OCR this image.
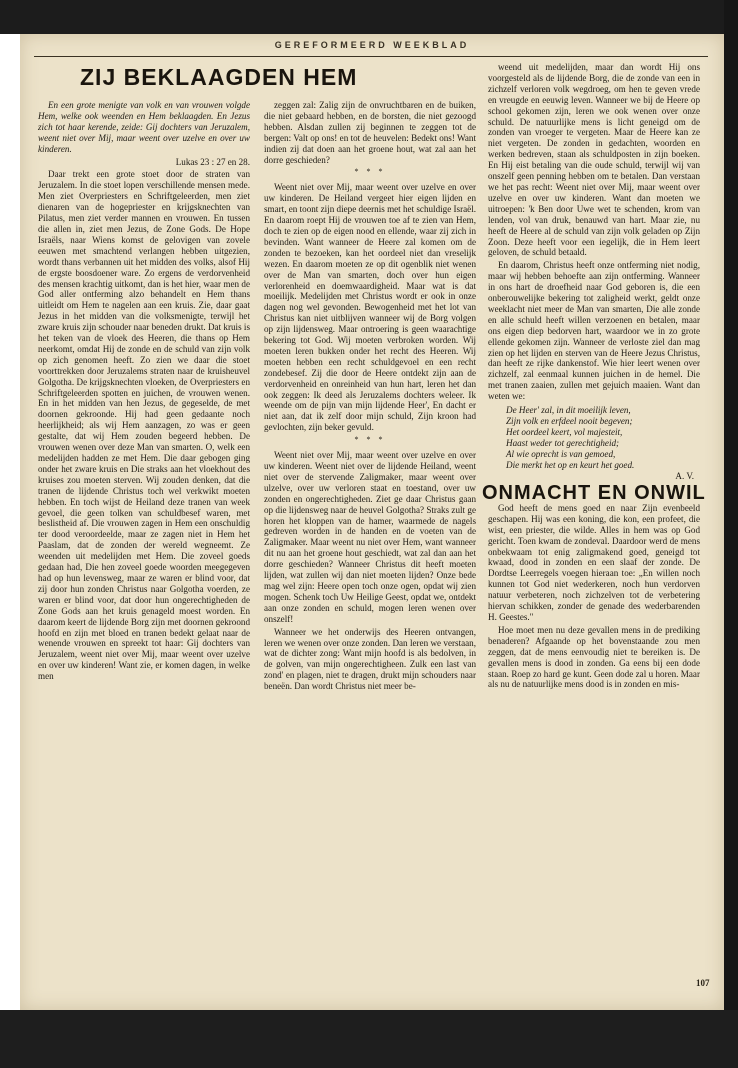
GEREFORMEERD WEEKBLAD
ZIJ BEKLAAGDEN HEM

En een grote menigte van volk en van vrouwen volgde Hem, welke ook weenden en Hem beklaagden. En Jezus zich tot haar kerende, zeide: Gij dochters van Jeruzalem, weent niet over Mij, maar weent over uzelve en over uw kinderen.

Lukas 23 : 27 en 28.

Daar trekt een grote stoet door de straten van Jeruzalem. In die stoet lopen verschillende mensen mede. Men ziet Overpriesters en Schriftgeleerden, men ziet dienaren van de hogepriester en krijgsknechten van Pilatus, men ziet verder mannen en vrouwen. En tussen die allen in, ziet men Jezus, de Zone Gods. De Hope Israëls, naar Wiens komst de gelovigen van zovele eeuwen met smachtend verlangen hebben uitgezien, wordt thans verbannen uit het midden des volks, alsof Hij de ergste boosdoener ware. Zo ergens de verdorvenheid des mensen krachtig uitkomt, dan is het hier, waar men de God aller ontferming alzo behandelt en Hem thans uitleidt om Hem te nagelen aan een kruis. Zie, daar gaat Jezus in het midden van die volksmenigte, terwijl het zware kruis zijn schouder naar beneden drukt. Dat kruis is het teken van de vloek des Heeren, die thans op Hem neerkomt, omdat Hij de zonde en de schuld van zijn volk op zich genomen heeft. Zo zien we daar die stoet voorttrekken door Jeruzalems straten naar de kruisheuvel Golgotha. De krijgsknechten vloeken, de Overpriesters en Schriftgeleerden spotten en juichen, de vrouwen wenen. En in het midden van hen Jezus, de gegeselde, de met doornen gekroonde. Hij had geen gedaante noch heerlijkheid; als wij Hem aanzagen, zo was er geen gestalte, dat wij Hem zouden begeerd hebben. De vrouwen wenen over deze Man van smarten. O, welk een medelijden hadden ze met Hem. Die daar gebogen ging onder het zware kruis en Die straks aan het vloekhout des kruises zou moeten sterven. Wij zouden denken, dat die tranen de lijdende Christus toch wel verkwikt moeten hebben. En toch wijst de Heiland deze tranen van week gevoel, die geen tolken van schuldbesef waren, met beslistheid af. Die vrouwen zagen in Hem een onschuldig ter dood veroordeelde, maar ze zagen niet in Hem het Paaslam, dat de zonden der wereld wegneemt. Ze weenden uit medelijden met Hem. Die zoveel goeds gedaan had, Die hen zoveel goede woorden meegegeven had op hun levensweg, maar ze waren er blind voor, dat zij door hun zonden Christus naar Golgotha voerden, ze waren er blind voor, dat door hun ongerechtigheden de Zone Gods aan het kruis genageld moest worden. En daarom keert de lijdende Borg zijn met doornen gekroond hoofd en zijn met bloed en tranen bedekt gelaat naar de wenende vrouwen en spreekt tot haar: Gij dochters van Jeruzalem, weent niet over Mij, maar weent over uzelve en over uw kinderen! Want zie, er komen dagen, in welke men

zeggen zal: Zalig zijn de onvruchtbaren en de buiken, die niet gebaard hebben, en de borsten, die niet gezoogd hebben. Alsdan zullen zij beginnen te zeggen tot de bergen: Valt op ons! en tot de heuvelen: Bedekt ons! Want indien zij dat doen aan het groene hout, wat zal aan het dorre geschieden?

* * *

Weent niet over Mij, maar weent over uzelve en over uw kinderen. De Heiland vergeet hier eigen lijden en smart, en toont zijn diepe deernis met het schuldige Israël. En daarom roept Hij de vrouwen toe af te zien van Hem, doch te zien op de eigen nood en ellende, waar zij zich in bevinden. Want wanneer de Heere zal komen om de zonden te bezoeken, kan het oordeel niet dan vreselijk wezen. En daarom moeten ze op dit ogenblik niet wenen over de Man van smarten, doch over hun eigen verlorenheid en doemwaardigheid. Maar wat is dat moeilijk. Medelijden met Christus wordt er ook in onze dagen nog wel gevonden. Bewogenheid met het lot van Christus kan niet uitblijven wanneer wij de Borg volgen op zijn lijdensweg. Maar ontroering is geen waarachtige bekering tot God. Wij moeten verbroken worden. Wij moeten leren bukken onder het recht des Heeren. Wij moeten hebben een recht schuldgevoel en een recht zondebesef. Zij die door de Heere ontdekt zijn aan de verdorvenheid en onreinheid van hun hart, leren het dan ook zeggen: Ik deed als Jeruzalems dochters weleer. Ik weende om de pijn van mijn lijdende Heer', En dacht er niet aan, dat ik zelf door mijn schuld, Zijn kroon had gevlochten, zijn beker gevuld.

* * *

Weent niet over Mij, maar weent over uzelve en over uw kinderen. Weent niet over de lijdende Heiland, weent niet over de stervende Zaligmaker, maar weent over ulzelve, over uw verloren staat en toestand, over uw zonden en ongerechtigheden. Ziet ge daar Christus gaan op die lijdensweg naar de heuvel Golgotha? Straks zult ge horen het kloppen van de hamer, waarmede de nagels gedreven worden in de handen en de voeten van de Zaligmaker. Maar weent nu niet over Hem, want wanneer dit nu aan het groene hout geschiedt, wat zal dan aan het dorre geschieden? Wanneer Christus dit heeft moeten lijden, wat zullen wij dan niet moeten lijden? Onze bede mag wel zijn: Heere open toch onze ogen, opdat wij zien mogen. Schenk toch Uw Heilige Geest, opdat we, ontdekt aan onze zonden en schuld, mogen leren wenen over onszelf!

Wanneer we het onderwijs des Heeren ontvangen, leren we wenen over onze zonden. Dan leren we verstaan, wat de dichter zong: Want mijn hoofd is als bedolven, in de golven, van mijn ongerechtigheen. Zulk een last van zond' en plagen, niet te dragen, drukt mijn schouders naar beneën. Dan wordt Christus niet meer be-

weend uit medelijden, maar dan wordt Hij ons voorgesteld als de lijdende Borg, die de zonde van een in zichzelf verloren volk wegdroeg, om hen te geven vrede en vreugde en eeuwig leven. Wanneer we bij de Heere op school gekomen zijn, leren we ook wenen over onze schuld. De natuurlijke mens is licht geneigd om de zonden van vroeger te vergeten. Maar de Heere kan ze niet vergeten. De zonden in gedachten, woorden en werken bedreven, staan als schuldposten in zijn boeken. En Hij eist betaling van die oude schuld, terwijl wij van onszelf geen penning hebben om te betalen. Dan verstaan we het pas recht: Weent niet over Mij, maar weent over uzelve en over uw kinderen. Want dan moeten we uitroepen: 'k Ben door Uwe wet te schenden, krom van lenden, vol van druk, benauwd van hart. Maar zie, nu heeft de Heere al de schuld van zijn volk geladen op Zijn Zoon. Deze heeft voor een iegelijk, die in Hem leert geloven, de schuld betaald.

En daarom, Christus heeft onze ontferming niet nodig, maar wij hebben behoefte aan zijn ontferming. Wanneer in ons hart de droefheid naar God geboren is, die een onberouwelijke bekering tot zaligheid werkt, geldt onze weeklacht niet meer de Man van smarten, Die alle zonde en alle schuld heeft willen verzoenen en betalen, maar ons eigen diep bedorven hart, waardoor we in zo grote ellende gekomen zijn. Wanneer de verloste ziel dan mag zien op het lijden en sterven van de Heere Jezus Christus, dan heeft ze rijke dankenstof. Wie hier leert wenen over zichzelf, zal eenmaal kunnen juichen in de hemel. Die met tranen zaaien, zullen met gejuich maaien. Want dan weten we:

De Heer' zal, in dit moeilijk leven,
Zijn volk en erfdeel nooit begeven;
Het oordeel keert, vol majesteit,
Haast weder tot gerechtigheid;
Al wie oprecht is van gemoed,
Die merkt het op en keurt het goed.
A. V.
ONMACHT EN ONWIL

God heeft de mens goed en naar Zijn evenbeeld geschapen. Hij was een koning, die kon, een profeet, die wist, een priester, die wilde. Alles in hem was op God gericht. Toen kwam de zondeval. Daardoor werd de mens onbekwaam tot enig zaligmakend goed, geneigd tot kwaad, dood in zonden en een slaaf der zonde. De Dordtse Leerregels voegen hieraan toe: „En willen noch kunnen tot God niet wederkeren, noch hun verdorven natuur verbeteren, noch zichzelven tot de verbetering hiervan schikken, zonder de genade des wederbarenden H. Geestes."

Hoe moet men nu deze gevallen mens in de prediking benaderen? Afgaande op het bovenstaande zou men zeggen, dat de mens eenvoudig niet te bereiken is. De gevallen mens is dood in zonden. Ga eens bij een dode staan. Roep zo hard ge kunt. Geen dode zal u horen. Maar als nu de natuurlijke mens dood is in zonden en mis-

107
